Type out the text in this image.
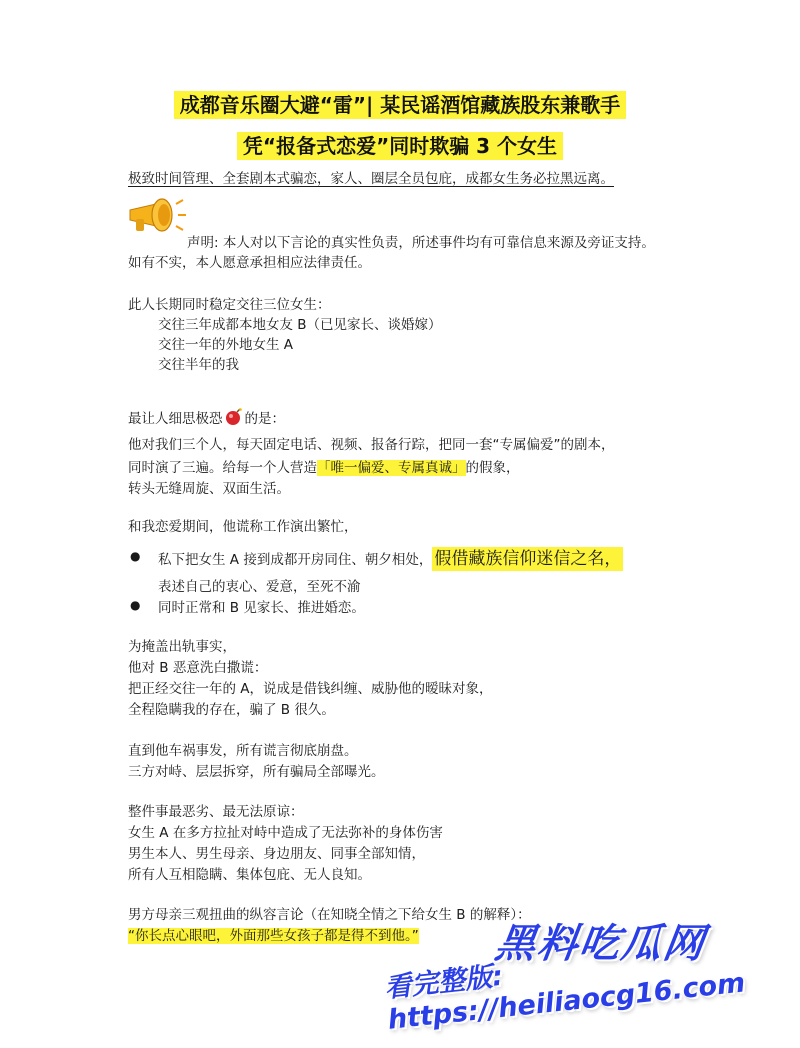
成都音乐圈大避“雷”| 某民谣酒馆藏族股东兼歌手
凭“报备式恋爱”同时欺骗 3 个女生
极致时间管理、全套剧本式骗恋，家人、圈层全员包庇，成都女生务必拉黑远离。
声明: 本人对以下言论的真实性负责，所述事件均有可靠信息来源及旁证支持。
如有不实，本人愿意承担相应法律责任。
此人长期同时稳定交往三位女生：
交往三年成都本地女友 B（已见家长、谈婚嫁）
交往一年的外地女生 A
交往半年的我
最让人细思极恐 的是：
他对我们三个人，每天固定电话、视频、报备行踪，把同一套“专属偏爱”的剧本，
同时演了三遍。给每一个人营造「唯一偏爱、专属真诚」的假象，
转头无缝周旋、双面生活。
和我恋爱期间，他谎称工作演出繁忙，
● 私下把女生 A 接到成都开房同住、朝夕相处， 假借藏族信仰迷信之名，
表述自己的衷心、爱意，至死不渝
● 同时正常和 B 见家长、推进婚恋。
为掩盖出轨事实，
他对 B 恶意洗白撒谎：
把正经交往一年的 A，说成是借钱纠缠、威胁他的暧昧对象，
全程隐瞒我的存在，骗了 B 很久。
直到他车祸事发，所有谎言彻底崩盘。
三方对峙、层层拆穿，所有骗局全部曝光。
整件事最恶劣、最无法原谅：
女生 A 在多方拉扯对峙中造成了无法弥补的身体伤害
男生本人、男生母亲、身边朋友、同事全部知情，
所有人互相隐瞒、集体包庇、无人良知。
男方母亲三观扭曲的纵容言论（在知晓全情之下给女生 B 的解释）：
“你长点心眼吧，外面那些女孩子都是得不到他。” 黑料吃瓜网
看完整版: https://heiliaocg16.com
